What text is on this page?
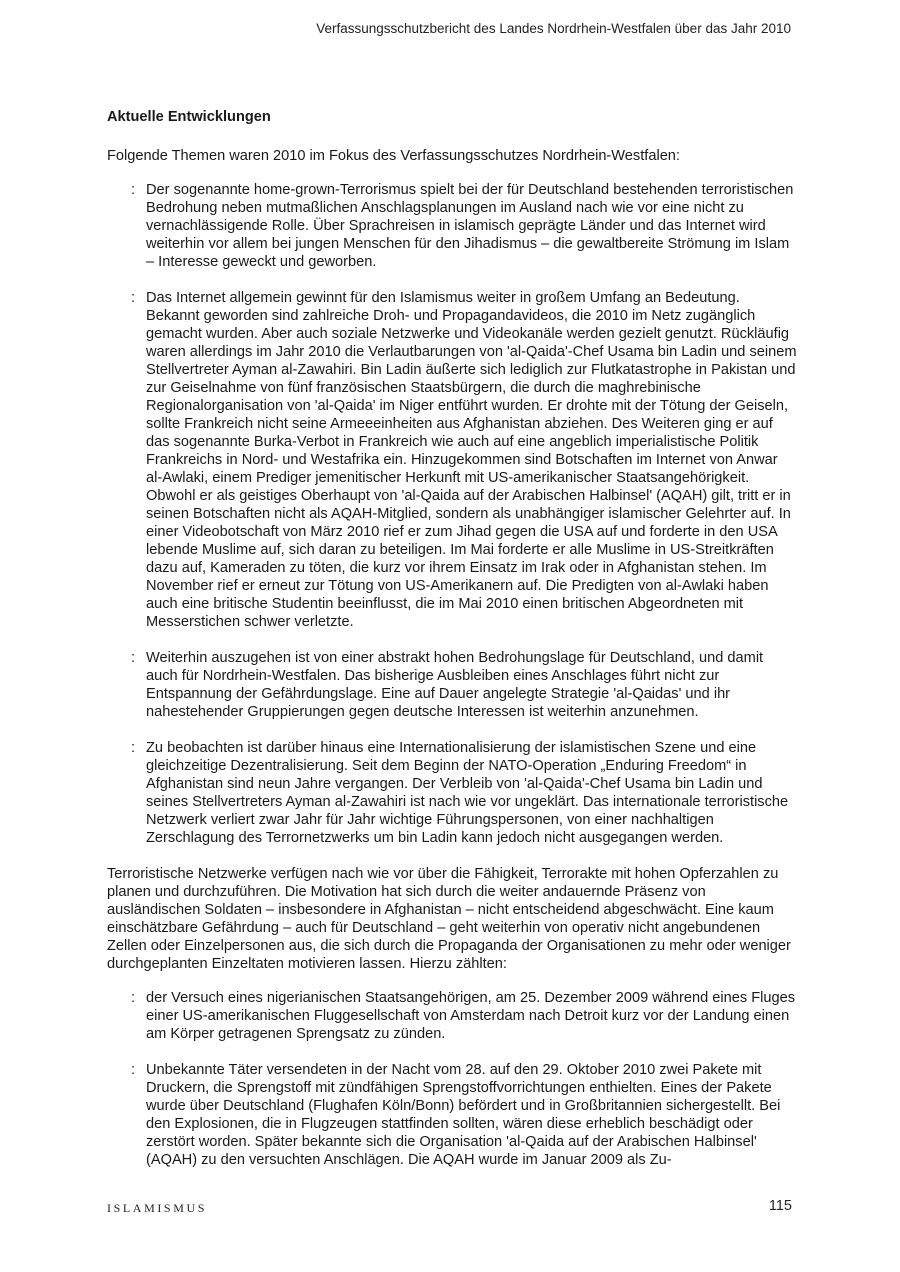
Verfassungsschutzbericht des Landes Nordrhein-Westfalen über das Jahr 2010
Aktuelle Entwicklungen
Folgende Themen waren 2010 im Fokus des Verfassungsschutzes Nordrhein-Westfalen:
: Der sogenannte home-grown-Terrorismus spielt bei der für Deutschland bestehenden terroristischen Bedrohung neben mutmaßlichen Anschlagsplanungen im Ausland nach wie vor eine nicht zu vernachlässigende Rolle. Über Sprachreisen in islamisch geprägte Länder und das Internet wird weiterhin vor allem bei jungen Menschen für den Jihadismus – die gewaltbereite Strömung im Islam – Interesse geweckt und geworben.
: Das Internet allgemein gewinnt für den Islamismus weiter in großem Umfang an Bedeutung. Bekannt geworden sind zahlreiche Droh- und Propagandavideos, die 2010 im Netz zugänglich gemacht wurden. Aber auch soziale Netzwerke und Videokanäle werden gezielt genutzt. Rückläufig waren allerdings im Jahr 2010 die Verlautbarungen von 'al-Qaida'-Chef Usama bin Ladin und seinem Stellvertreter Ayman al-Zawahiri. Bin Ladin äußerte sich lediglich zur Flutkatastrophe in Pakistan und zur Geiselnahme von fünf französischen Staatsbürgern, die durch die maghrebinische Regionalorganisation von 'al-Qaida' im Niger entführt wurden. Er drohte mit der Tötung der Geiseln, sollte Frankreich nicht seine Armeeeinheiten aus Afghanistan abziehen. Des Weiteren ging er auf das sogenannte Burka-Verbot in Frankreich wie auch auf eine angeblich imperialistische Politik Frankreichs in Nord- und Westafrika ein. Hinzugekommen sind Botschaften im Internet von Anwar al-Awlaki, einem Prediger jemenitischer Herkunft mit US-amerikanischer Staatsangehörigkeit. Obwohl er als geistiges Oberhaupt von 'al-Qaida auf der Arabischen Halbinsel' (AQAH) gilt, tritt er in seinen Botschaften nicht als AQAH-Mitglied, sondern als unabhängiger islamischer Gelehrter auf. In einer Videobotschaft von März 2010 rief er zum Jihad gegen die USA auf und forderte in den USA lebende Muslime auf, sich daran zu beteiligen. Im Mai forderte er alle Muslime in US-Streitkräften dazu auf, Kameraden zu töten, die kurz vor ihrem Einsatz im Irak oder in Afghanistan stehen. Im November rief er erneut zur Tötung von US-Amerikanern auf. Die Predigten von al-Awlaki haben auch eine britische Studentin beeinflusst, die im Mai 2010 einen britischen Abgeordneten mit Messerstichen schwer verletzte.
: Weiterhin auszugehen ist von einer abstrakt hohen Bedrohungslage für Deutschland, und damit auch für Nordrhein-Westfalen. Das bisherige Ausbleiben eines Anschlages führt nicht zur Entspannung der Gefährdungslage. Eine auf Dauer angelegte Strategie 'al-Qaidas' und ihr nahestehender Gruppierungen gegen deutsche Interessen ist weiterhin anzunehmen.
: Zu beobachten ist darüber hinaus eine Internationalisierung der islamistischen Szene und eine gleichzeitige Dezentralisierung. Seit dem Beginn der NATO-Operation „Enduring Freedom“ in Afghanistan sind neun Jahre vergangen. Der Verbleib von 'al-Qaida'-Chef Usama bin Ladin und seines Stellvertreters Ayman al-Zawahiri ist nach wie vor ungeklärt. Das internationale terroristische Netzwerk verliert zwar Jahr für Jahr wichtige Führungspersonen, von einer nachhaltigen Zerschlagung des Terrornetzwerks um bin Ladin kann jedoch nicht ausgegangen werden.
Terroristische Netzwerke verfügen nach wie vor über die Fähigkeit, Terrorakte mit hohen Opferzahlen zu planen und durchzuführen. Die Motivation hat sich durch die weiter andauernde Präsenz von ausländischen Soldaten – insbesondere in Afghanistan – nicht entscheidend abgeschwächt. Eine kaum einschätzbare Gefährdung – auch für Deutschland – geht weiterhin von operativ nicht angebundenen Zellen oder Einzelpersonen aus, die sich durch die Propaganda der Organisationen zu mehr oder weniger durchgeplanten Einzeltaten motivieren lassen. Hierzu zählten:
: der Versuch eines nigerianischen Staatsangehörigen, am 25. Dezember 2009 während eines Fluges einer US-amerikanischen Fluggesellschaft von Amsterdam nach Detroit kurz vor der Landung einen am Körper getragenen Sprengsatz zu zünden.
: Unbekannte Täter versendeten in der Nacht vom 28. auf den 29. Oktober 2010 zwei Pakete mit Druckern, die Sprengstoff mit zündfähigen Sprengstoffvorrichtungen enthielten. Eines der Pakete wurde über Deutschland (Flughafen Köln/Bonn) befördert und in Großbritannien sichergestellt. Bei den Explosionen, die in Flugzeugen stattfinden sollten, wären diese erheblich beschädigt oder zerstört worden. Später bekannte sich die Organisation 'al-Qaida auf der Arabischen Halbinsel' (AQAH) zu den versuchten Anschlägen. Die AQAH wurde im Januar 2009 als Zu-
ISLAMISMUS	115
